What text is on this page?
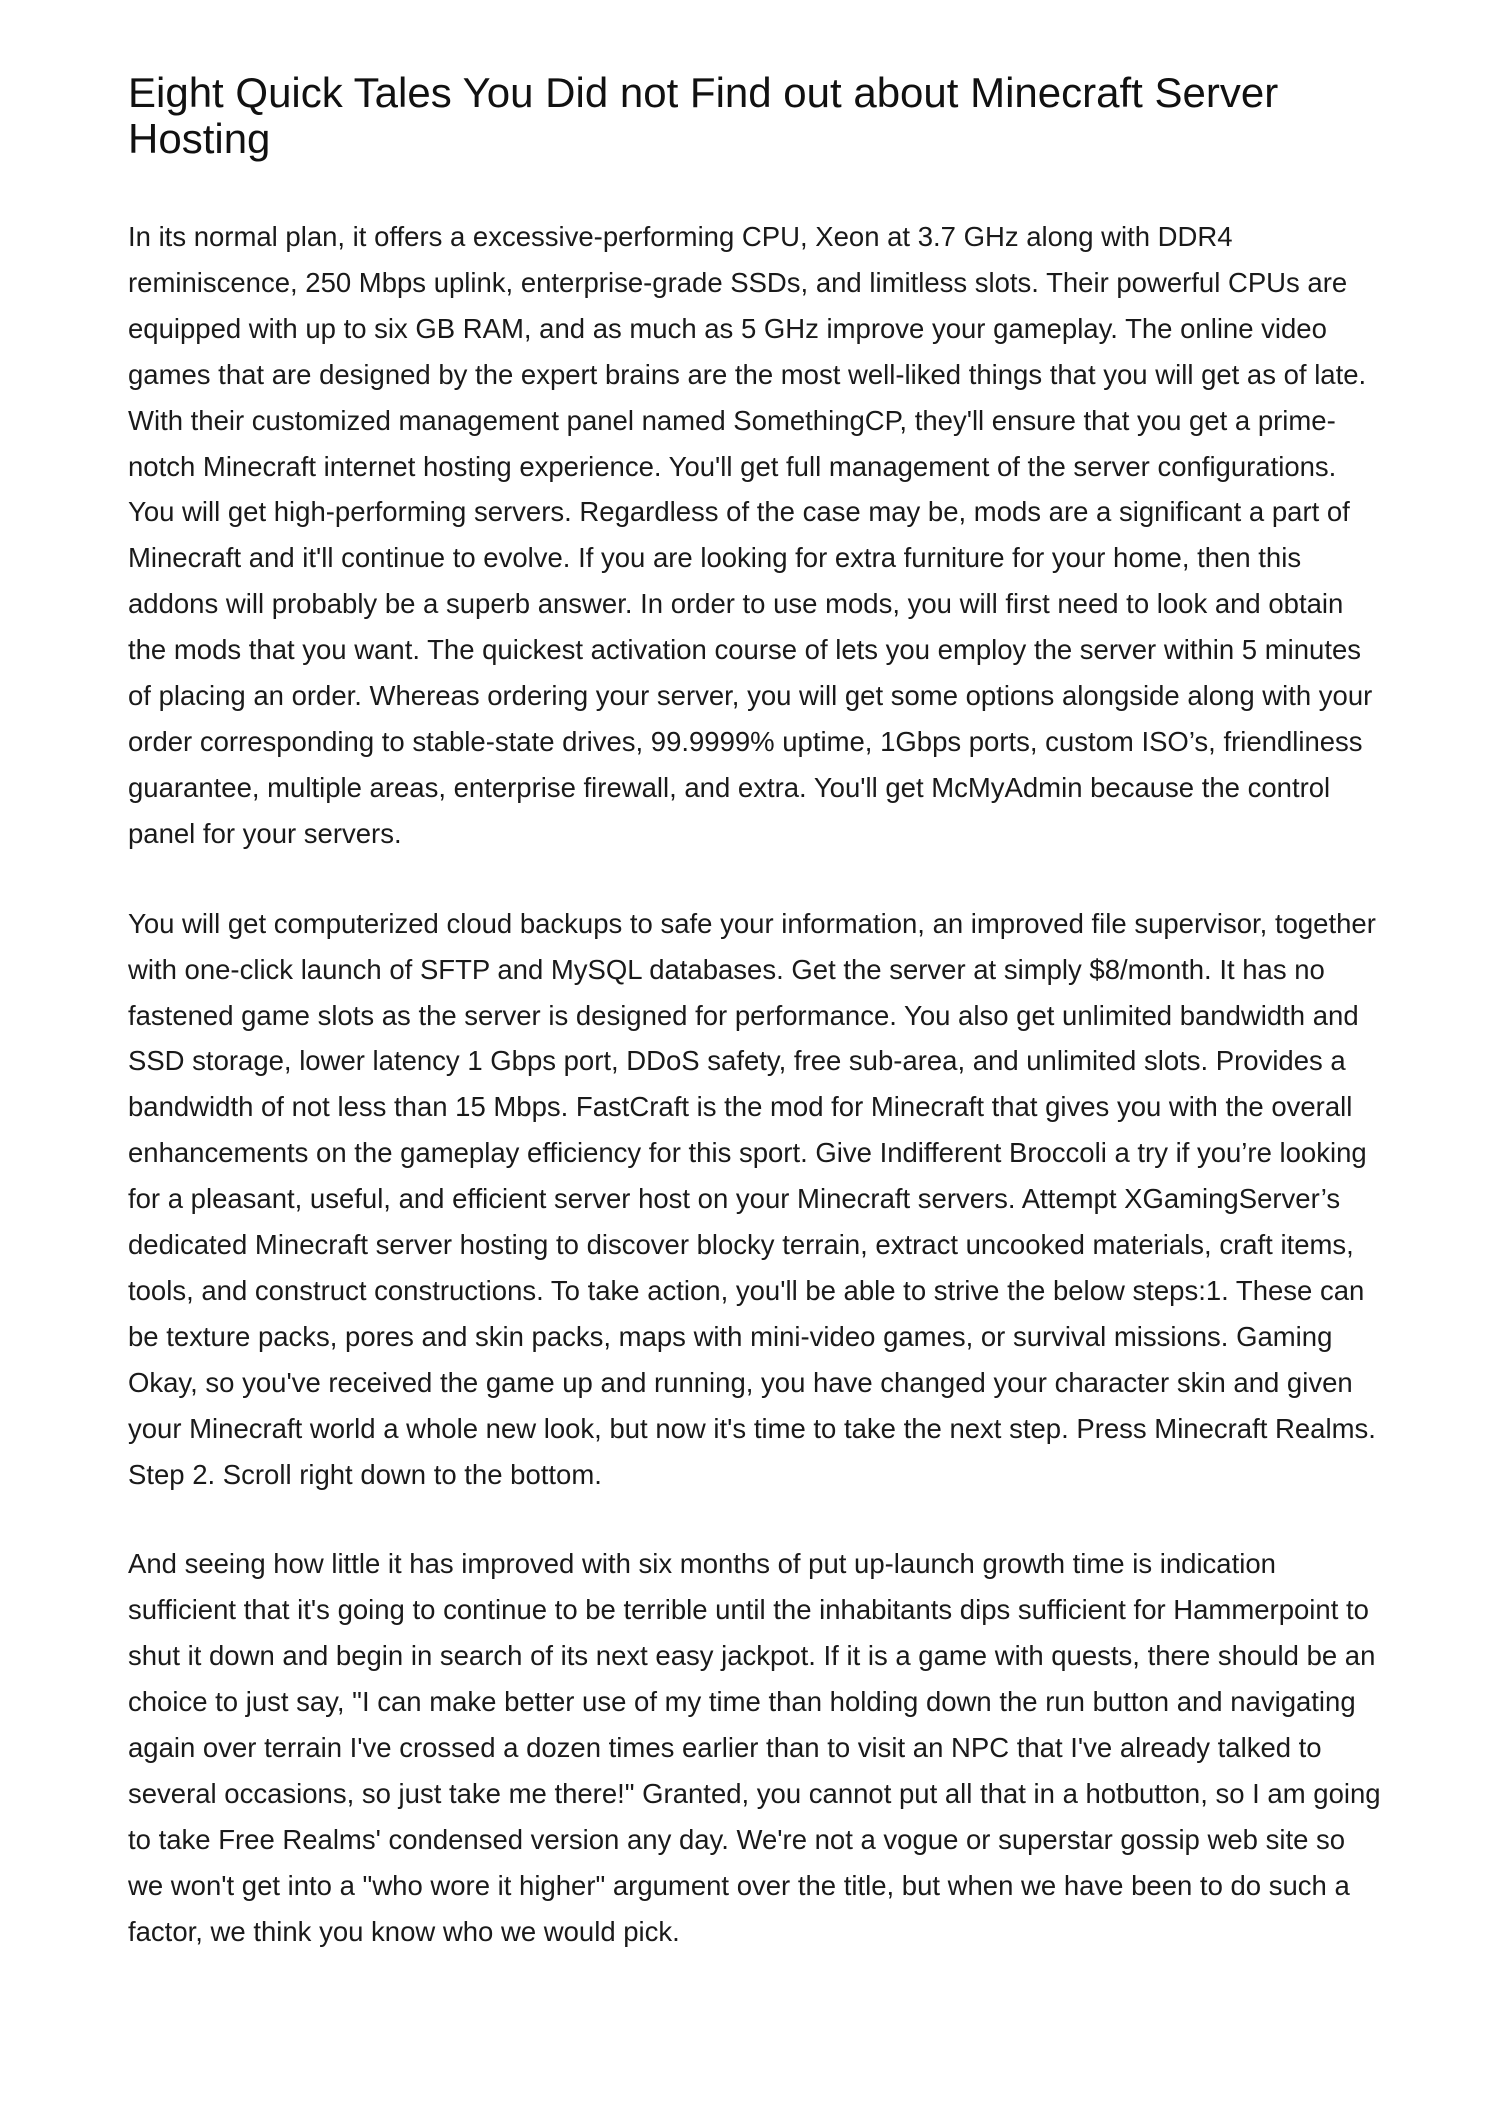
Eight Quick Tales You Did not Find out about Minecraft Server Hosting

In its normal plan, it offers a excessive-performing CPU, Xeon at 3.7 GHz along with DDR4 reminiscence, 250 Mbps uplink, enterprise-grade SSDs, and limitless slots. Their powerful CPUs are equipped with up to six GB RAM, and as much as 5 GHz improve your gameplay. The online video games that are designed by the expert brains are the most well-liked things that you will get as of late. With their customized management panel named SomethingCP, they'll ensure that you get a prime-notch Minecraft internet hosting experience. You'll get full management of the server configurations. You will get high-performing servers. Regardless of the case may be, mods are a significant a part of Minecraft and it'll continue to evolve. If you are looking for extra furniture for your home, then this addons will probably be a superb answer. In order to use mods, you will first need to look and obtain the mods that you want. The quickest activation course of lets you employ the server within 5 minutes of placing an order. Whereas ordering your server, you will get some options alongside along with your order corresponding to stable-state drives, 99.9999% uptime, 1Gbps ports, custom ISO’s, friendliness guarantee, multiple areas, enterprise firewall, and extra. You'll get McMyAdmin because the control panel for your servers.

You will get computerized cloud backups to safe your information, an improved file supervisor, together with one-click launch of SFTP and MySQL databases. Get the server at simply $8/month. It has no fastened game slots as the server is designed for performance. You also get unlimited bandwidth and SSD storage, lower latency 1 Gbps port, DDoS safety, free sub-area, and unlimited slots. Provides a bandwidth of not less than 15 Mbps. FastCraft is the mod for Minecraft that gives you with the overall enhancements on the gameplay efficiency for this sport. Give Indifferent Broccoli a try if you’re looking for a pleasant, useful, and efficient server host on your Minecraft servers. Attempt XGamingServer’s dedicated Minecraft server hosting to discover blocky terrain, extract uncooked materials, craft items, tools, and construct constructions. To take action, you'll be able to strive the below steps:1. These can be texture packs, pores and skin packs, maps with mini-video games, or survival missions. Gaming Okay, so you've received the game up and running, you have changed your character skin and given your Minecraft world a whole new look, but now it's time to take the next step. Press Minecraft Realms. Step 2. Scroll right down to the bottom.

And seeing how little it has improved with six months of put up-launch growth time is indication sufficient that it's going to continue to be terrible until the inhabitants dips sufficient for Hammerpoint to shut it down and begin in search of its next easy jackpot. If it is a game with quests, there should be an choice to just say, "I can make better use of my time than holding down the run button and navigating again over terrain I've crossed a dozen times earlier than to visit an NPC that I've already talked to several occasions, so just take me there!" Granted, you cannot put all that in a hotbutton, so I am going to take Free Realms' condensed version any day. We're not a vogue or superstar gossip web site so we won't get into a "who wore it higher" argument over the title, but when we have been to do such a factor, we think you know who we would pick.
